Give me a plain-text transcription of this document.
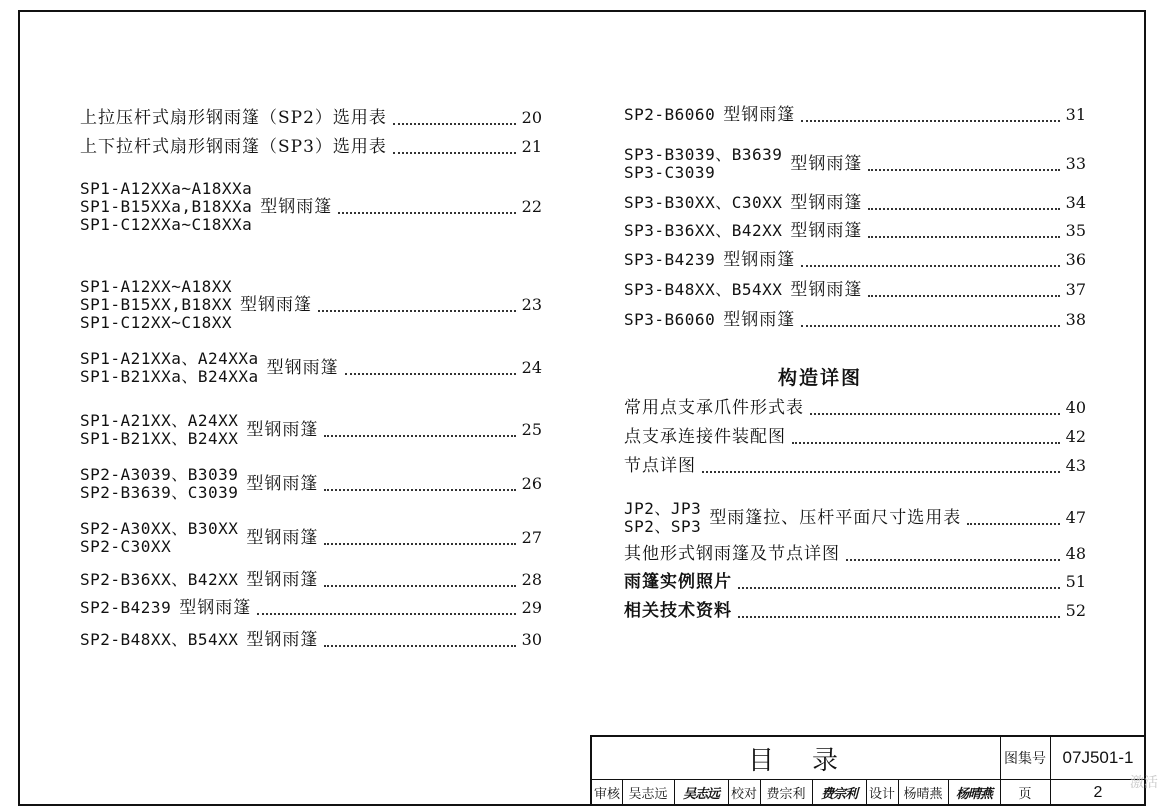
上拉压杆式扇形钢雨篷（SP2）选用表	20
上下拉杆式扇形钢雨篷（SP3）选用表	21
SP1-A12XXa~A18XXa
SP1-B15XXa,B18XXa
SP1-C12XXa~C18XXa
型钢雨篷	22
SP1-A12XX~A18XX
SP1-B15XX,B18XX
SP1-C12XX~C18XX
型钢雨篷	23
SP1-A21XXa、A24XXa
SP1-B21XXa、B24XXa 型钢雨篷	24
SP1-A21XX、A24XX
SP1-B21XX、B24XX 型钢雨篷	25
SP2-A3039、B3039
SP2-B3639、C3039 型钢雨篷	26
SP2-A30XX、B30XX
SP2-C30XX	型钢雨篷	27
SP2-B36XX、B42XX 型钢雨篷	28
SP2-B4239 型钢雨篷	29
SP2-B48XX、B54XX 型钢雨篷	30
SP2-B6060 型钢雨篷	31
SP3-B3039、B3639
SP3-C3039	型钢雨篷	33
SP3-B30XX、C30XX 型钢雨篷	34
SP3-B36XX、B42XX 型钢雨篷	35
SP3-B4239 型钢雨篷	36
SP3-B48XX、B54XX 型钢雨篷	37
SP3-B6060 型钢雨篷	38
常用点支承爪件形式表	40
点支承连接件装配图	42
节点详图	43
JP2、JP3
SP2、SP3 型雨篷拉、压杆平面尺寸选用表	47
其他形式钢雨篷及节点详图	48
雨篷实例照片	51
相关技术资料	52
构造详图
目　录	图集号 07J501-1
审核 吴志远	吴志远 校对 费宗利	费宗利 设计 杨晴燕	杨晴燕	页	2
激活
